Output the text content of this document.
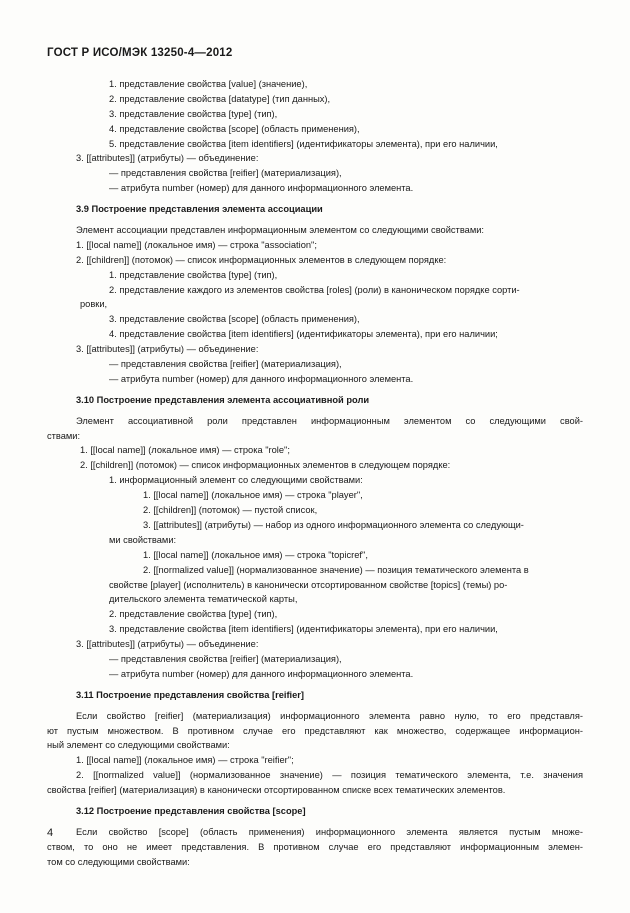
ГОСТ Р ИСО/МЭК 13250-4—2012
1. представление свойства [value] (значение),
2. представление свойства [datatype] (тип данных),
3. представление свойства [type] (тип),
4. представление свойства [scope] (область применения),
5. представление свойства [item identifiers] (идентификаторы элемента), при его наличии,
3. [[attributes]] (атрибуты) — объединение:
— представления свойства [reifier] (материализация),
— атрибута number (номер) для данного информационного элемента.
3.9 Построение представления элемента ассоциации
Элемент ассоциации представлен информационным элементом со следующими свойствами:
1. [[local name]] (локальное имя) — строка "association";
2. [[children]] (потомок) — список информационных элементов в следующем порядке:
1. представление свойства [type] (тип),
2. представление каждого из элементов свойства [roles] (роли) в каноническом порядке сорти-
ровки,
3. представление свойства [scope] (область применения),
4. представление свойства [item identifiers] (идентификаторы элемента), при его наличии;
3. [[attributes]] (атрибуты) — объединение:
— представления свойства [reifier] (материализация),
— атрибута number (номер) для данного информационного элемента.
3.10 Построение представления элемента ассоциативной роли
Элемент ассоциативной роли представлен информационным элементом со следующими свой-
ствами:
1. [[local name]] (локальное имя) — строка "role";
2. [[children]] (потомок) — список информационных элементов в следующем порядке:
1. информационный элемент со следующими свойствами:
1. [[local name]] (локальное имя) — строка "player",
2. [[children]] (потомок) — пустой список,
3. [[attributes]] (атрибуты) — набор из одного информационного элемента со следующи-
ми свойствами:
1. [[local name]] (локальное имя) — строка "topicref",
2. [[normalized value]] (нормализованное значение) — позиция тематического элемента в
свойстве [player] (исполнитель) в канонически отсортированном свойстве [topics] (темы) ро-
дительского элемента тематической карты,
2. представление свойства [type] (тип),
3. представление свойства [item identifiers] (идентификаторы элемента), при его наличии,
3. [[attributes]] (атрибуты) — объединение:
— представления свойства [reifier] (материализация),
— атрибута number (номер) для данного информационного элемента.
3.11 Построение представления свойства [reifier]
Если свойство [reifier] (материализация) информационного элемента равно нулю, то его представля-
ют пустым множеством. В противном случае его представляют как множество, содержащее информацион-
ный элемент со следующими свойствами:
1. [[local name]] (локальное имя) — строка "reifier";
2. [[normalized value]] (нормализованное значение) — позиция тематического элемента, т.е. значения
свойства [reifier] (материализация) в канонически отсортированном списке всех тематических элементов.
3.12 Построение представления свойства [scope]
Если свойство [scope] (область применения) информационного элемента является пустым множе-
ством, то оно не имеет представления. В противном случае его представляют информационным элемен-
том со следующими свойствами:
4
